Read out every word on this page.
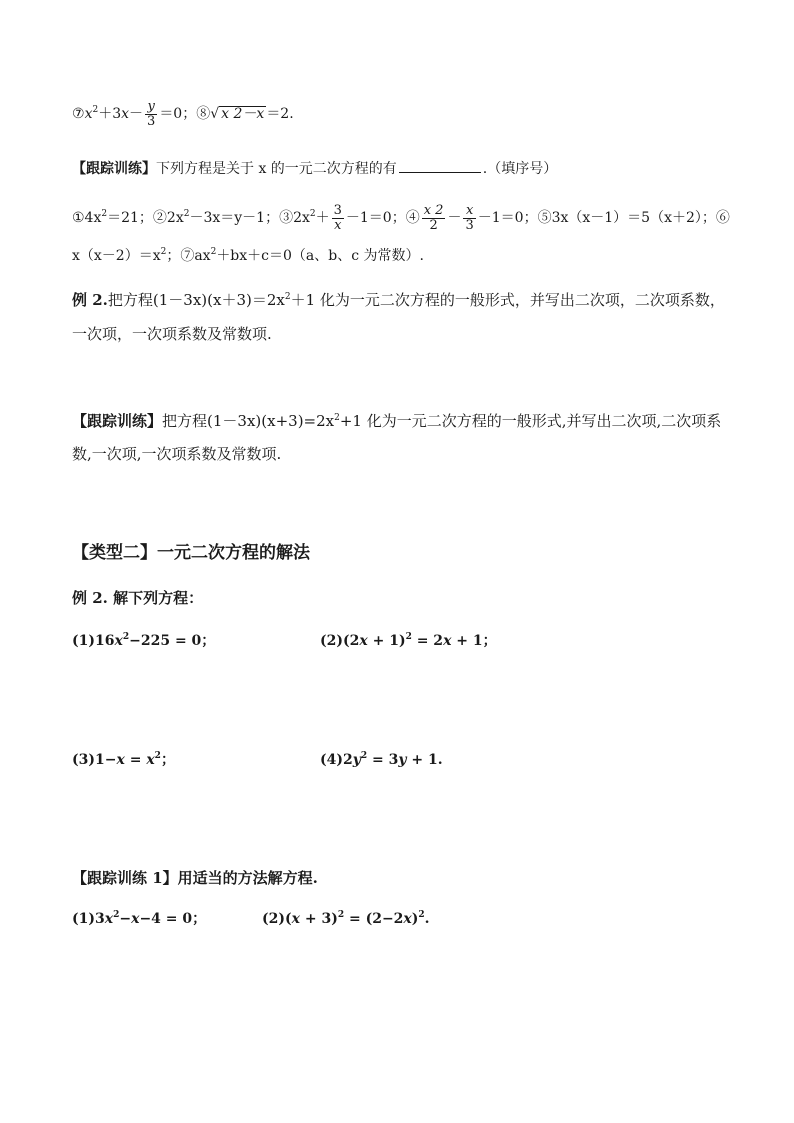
$⑦x^2+3x- \frac{y}{3} =0$；⑧√ x 2－x ＝2.
【跟踪训练】下列方程是关于 x 的一元二次方程的有	.（填序号）
$①4x^2=21$；$②2x^2-3x=y-1$；$③2x^2+ \frac{3}{x} -1=0$；④ $\frac{x 2}{2} - \frac{x}{3} -1=0$；⑤3x（x－1）＝5（x＋2）；⑥
$x(x-2)=x^2$；$⑦ax^2+bx+c=0(a$、b、c 为常数）.
例 2.把方程$(1-3x)(x+3)=2x^2+1$ 化为一元二次方程的一般形式，并写出二次项，二次项系数，
一次项，一次项系数及常数项.
【跟踪训练】把方程$(1-3x)(x+3)=2x^2+1$ 化为一元二次方程的一般形式,并写出二次项,二次项系
数,一次项,一次项系数及常数项.
【类型二】一元二次方程的解法
例 2. 解下列方程：
$(1)16x^2-225 = 0$；	$(2)(2x + 1)^2 = 2x + 1$；
$(3)1-x = x^2$；	$(4)2y^2 = 3y + 1$.
【跟踪训练 1】用适当的方法解方程.
$(1)3x^2-x-4 = 0$；	$(2)(x + 3)^2 = (2-2x)^2$.
